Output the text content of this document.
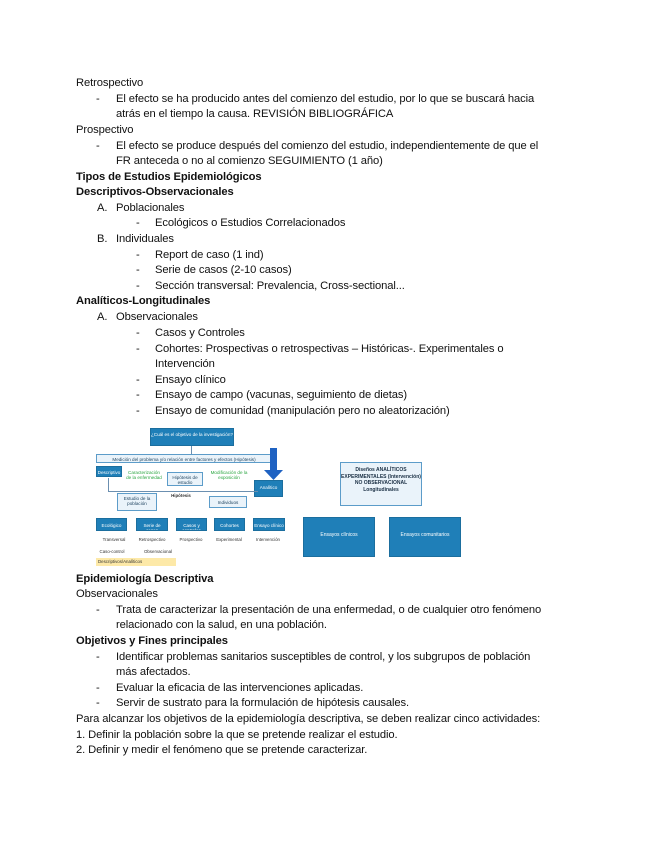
Retrospectivo
- El efecto se ha producido antes del comienzo del estudio, por lo que se buscará hacia
atrás en el tiempo la causa. REVISIÓN BIBLIOGRÁFICA
Prospectivo
- El efecto se produce después del comienzo del estudio, independientemente de que el
FR anteceda o no al comienzo SEGUIMIENTO (1 año)
Tipos de Estudios Epidemiológicos
Descriptivos-Observacionales
A. Poblacionales
- Ecológicos o Estudios Correlacionados
B. Individuales
- Report de caso (1 ind)
- Serie de casos (2-10 casos)
- Sección transversal: Prevalencia, Cross-sectional...
Analíticos-Longitudinales
A. Observacionales
- Casos y Controles
- Cohortes: Prospectivas o retrospectivas – Históricas-. Experimentales o
Intervención
- Ensayo clínico
- Ensayo de campo (vacunas, seguimiento de dietas)
- Ensayo de comunidad (manipulación pero no aleatorización)
¿Cuál es el objetivo de la investigación?
Medición del problema y/o relación entre factores y efectos (Hipótesis)
Descriptivo	Caracterización de la enfermedad	Hipótesis de estudio
Modificación de la exposición
Analítico
Estudio de la población
Hipótesis
Individuos
Ecológico	Serie de casos
Casos y controles
Cohortes	Ensayo clínico
Transversal	Retrospectivo	Prospectivo	Experimental	Intervención
Caso-control	Observacional
Descriptivos/Analíticos
Diseños ANALÍTICOS EXPERIMENTALES (Intervención) NO OBSERVACIONAL Longitudinales
Ensayos clínicos	Ensayos comunitarios
Epidemiología Descriptiva
Observacionales
- Trata de caracterizar la presentación de una enfermedad, o de cualquier otro fenómeno
relacionado con la salud, en una población.
Objetivos y Fines principales
- Identificar problemas sanitarios susceptibles de control, y los subgrupos de población
más afectados.
- Evaluar la eficacia de las intervenciones aplicadas.
- Servir de sustrato para la formulación de hipótesis causales.
Para alcanzar los objetivos de la epidemiología descriptiva, se deben realizar cinco actividades:
1. Definir la población sobre la que se pretende realizar el estudio.
2. Definir y medir el fenómeno que se pretende caracterizar.
